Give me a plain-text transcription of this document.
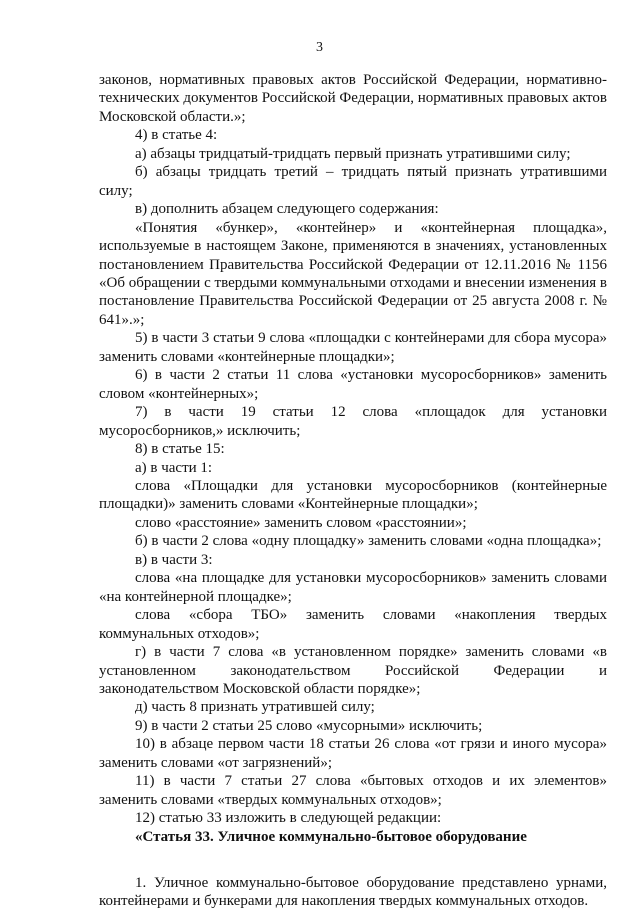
3

законов, нормативных правовых актов Российской Федерации, нормативно-технических документов Российской Федерации, нормативных правовых актов Московской области.»;

4) в статье 4:

а) абзацы тридцатый-тридцать первый признать утратившими силу;

б) абзацы тридцать третий – тридцать пятый признать утратившими силу;

в) дополнить абзацем следующего содержания:

«Понятия «бункер», «контейнер» и «контейнерная площадка», используемые в настоящем Законе, применяются в значениях, установленных постановлением Правительства Российской Федерации от 12.11.2016 № 1156 «Об обращении с твердыми коммунальными отходами и внесении изменения в постановление Правительства Российской Федерации от 25 августа 2008 г. № 641».»;

5) в части 3 статьи 9 слова «площадки с контейнерами для сбора мусора» заменить словами «контейнерные площадки»;

6) в части 2 статьи 11 слова «установки мусоросборников» заменить словом «контейнерных»;

7) в части 19 статьи 12 слова «площадок для установки мусоросборников,» исключить;

8) в статье 15:

а) в части 1:

слова «Площадки для установки мусоросборников (контейнерные площадки)» заменить словами «Контейнерные площадки»;

слово «расстояние» заменить словом «расстоянии»;

б) в части 2 слова «одну площадку» заменить словами «одна площадка»;

в) в части 3:

слова «на площадке для установки мусоросборников» заменить словами «на контейнерной площадке»;

слова «сбора ТБО» заменить словами «накопления твердых коммунальных отходов»;

г) в части 7 слова «в установленном порядке» заменить словами «в установленном законодательством Российской Федерации и законодательством Московской области порядке»;

д) часть 8 признать утратившей силу;

9) в части 2 статьи 25 слово «мусорными» исключить;

10) в абзаце первом части 18 статьи 26 слова «от грязи и иного мусора» заменить словами «от загрязнений»;

11) в части 7 статьи 27 слова «бытовых отходов и их элементов» заменить словами «твердых коммунальных отходов»;

12) статью 33 изложить в следующей редакции:

«Статья 33. Уличное коммунально-бытовое оборудование

1. Уличное коммунально-бытовое оборудование представлено урнами, контейнерами и бункерами для накопления твердых коммунальных отходов.
